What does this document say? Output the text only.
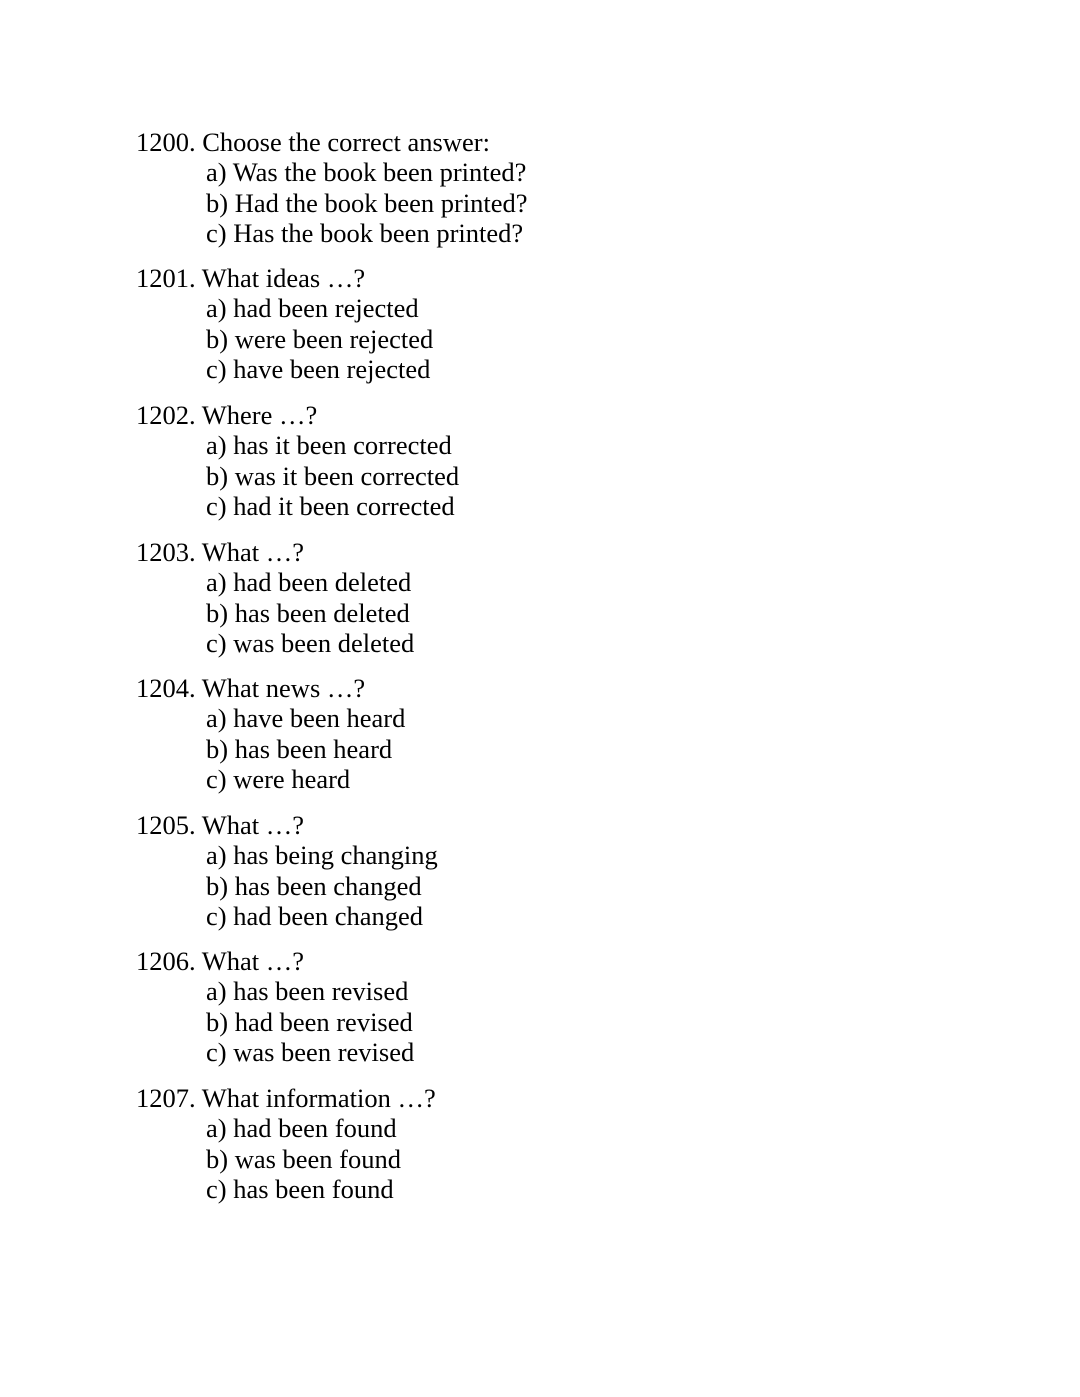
1200. Choose the correct answer:
a) Was the book been printed?
b) Had the book been printed?
c) Has the book been printed?
1201. What ideas …?
a) had been rejected
b) were been rejected
c) have been rejected
1202. Where …?
a) has it been corrected
b) was it been corrected
c) had it been corrected
1203. What …?
a) had been deleted
b) has been deleted
c) was been deleted
1204. What news …?
a) have been heard
b) has been heard
c) were heard
1205. What …?
a) has being changing
b) has been changed
c) had been changed
1206. What …?
a) has been revised
b) had been revised
c) was been revised
1207. What information …?
a) had been found
b) was been found
c) has been found
